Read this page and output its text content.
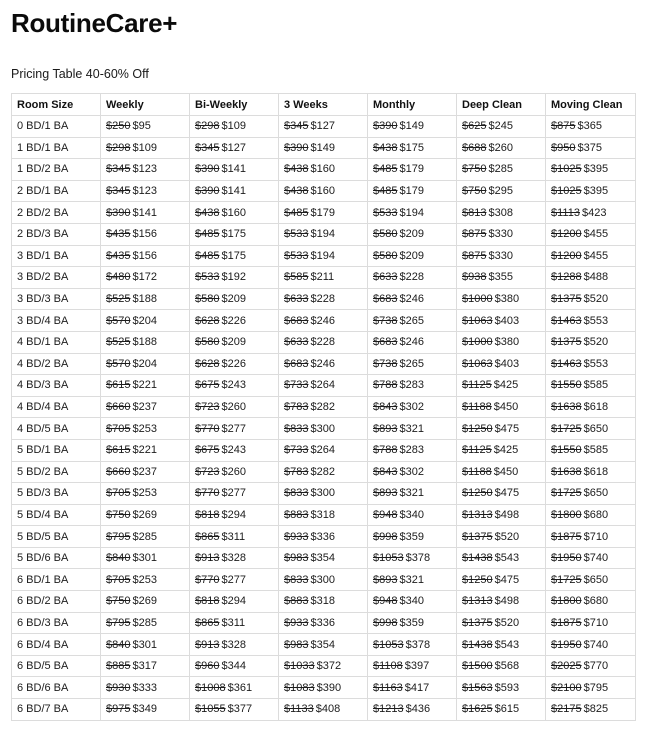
RoutineCare+

Pricing Table 40-60% Off

Room Size	Weekly	Bi-Weekly	3 Weeks	Monthly	Deep Clean	Moving Clean
0 BD/1 BA	$250 $95	$298 $109	$345 $127	$390 $149	$625 $245	$875 $365
1 BD/1 BA	$298 $109	$345 $127	$390 $149	$438 $175	$688 $260	$950 $375
1 BD/2 BA	$345 $123	$390 $141	$438 $160	$485 $179	$750 $285	$1025 $395
2 BD/1 BA	$345 $123	$390 $141	$438 $160	$485 $179	$750 $295	$1025 $395
2 BD/2 BA	$390 $141	$438 $160	$485 $179	$533 $194	$813 $308	$1113 $423
2 BD/3 BA	$435 $156	$485 $175	$533 $194	$580 $209	$875 $330	$1200 $455
3 BD/1 BA	$435 $156	$485 $175	$533 $194	$580 $209	$875 $330	$1200 $455
3 BD/2 BA	$480 $172	$533 $192	$585 $211	$633 $228	$938 $355	$1288 $488
3 BD/3 BA	$525 $188	$580 $209	$633 $228	$683 $246	$1000 $380	$1375 $520
3 BD/4 BA	$570 $204	$628 $226	$683 $246	$738 $265	$1063 $403	$1463 $553
4 BD/1 BA	$525 $188	$580 $209	$633 $228	$683 $246	$1000 $380	$1375 $520
4 BD/2 BA	$570 $204	$628 $226	$683 $246	$738 $265	$1063 $403	$1463 $553
4 BD/3 BA	$615 $221	$675 $243	$733 $264	$788 $283	$1125 $425	$1550 $585
4 BD/4 BA	$660 $237	$723 $260	$783 $282	$843 $302	$1188 $450	$1638 $618
4 BD/5 BA	$705 $253	$770 $277	$833 $300	$893 $321	$1250 $475	$1725 $650
5 BD/1 BA	$615 $221	$675 $243	$733 $264	$788 $283	$1125 $425	$1550 $585
5 BD/2 BA	$660 $237	$723 $260	$783 $282	$843 $302	$1188 $450	$1638 $618
5 BD/3 BA	$705 $253	$770 $277	$833 $300	$893 $321	$1250 $475	$1725 $650
5 BD/4 BA	$750 $269	$818 $294	$883 $318	$948 $340	$1313 $498	$1800 $680
5 BD/5 BA	$795 $285	$865 $311	$933 $336	$998 $359	$1375 $520	$1875 $710
5 BD/6 BA	$840 $301	$913 $328	$983 $354	$1053 $378	$1438 $543	$1950 $740
6 BD/1 BA	$705 $253	$770 $277	$833 $300	$893 $321	$1250 $475	$1725 $650
6 BD/2 BA	$750 $269	$818 $294	$883 $318	$948 $340	$1313 $498	$1800 $680
6 BD/3 BA	$795 $285	$865 $311	$933 $336	$998 $359	$1375 $520	$1875 $710
6 BD/4 BA	$840 $301	$913 $328	$983 $354	$1053 $378	$1438 $543	$1950 $740
6 BD/5 BA	$885 $317	$960 $344	$1033 $372	$1108 $397	$1500 $568	$2025 $770
6 BD/6 BA	$930 $333	$1008 $361	$1083 $390	$1163 $417	$1563 $593	$2100 $795
6 BD/7 BA	$975 $349	$1055 $377	$1133 $408	$1213 $436	$1625 $615	$2175 $825
